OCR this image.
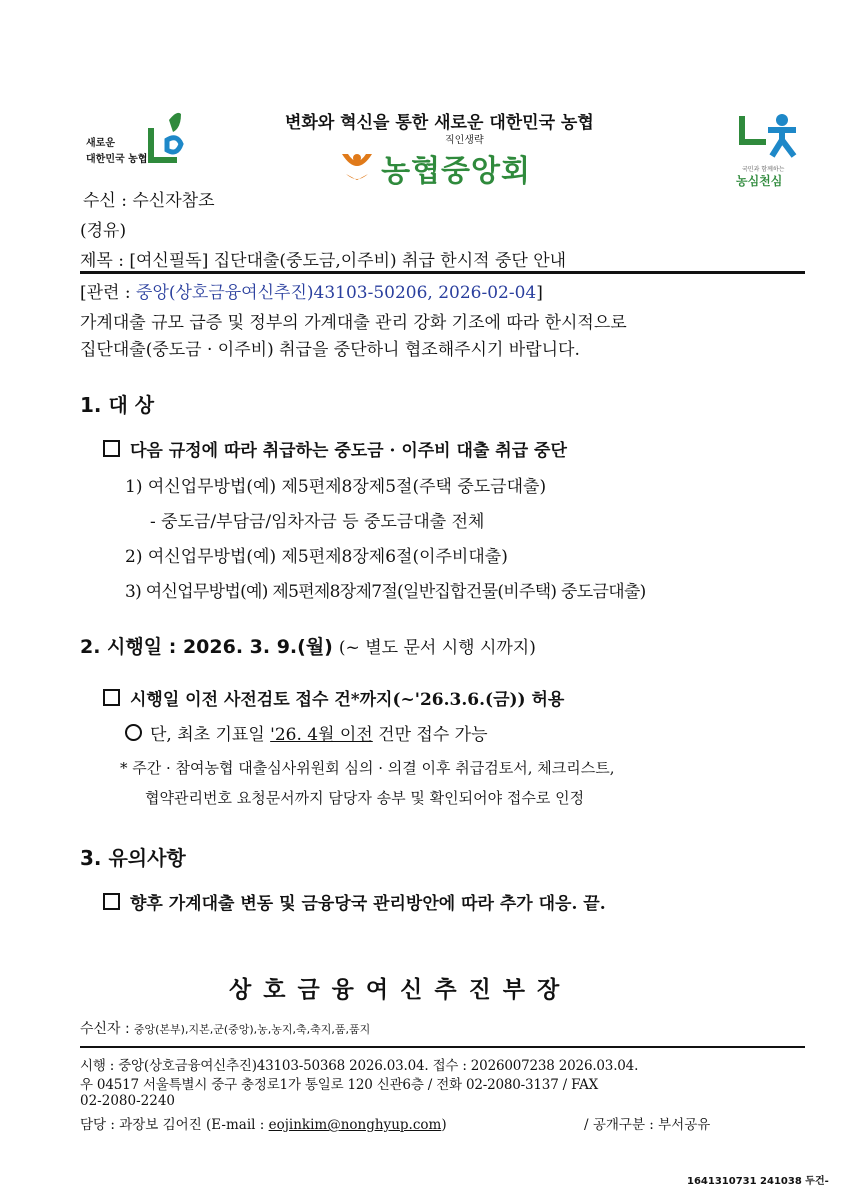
변화와 혁신을 통한 새로운 대한민국 농협
직인생략
농협중앙회
새로운
대한민국 농협
국민과 함께하는
농심천심
수신 : 수신자참조
(경유)
제목 : [여신필독] 집단대출(중도금,이주비) 취급 한시적 중단 안내
[관련 : 중앙(상호금융여신추진)43103-50206, 2026-02-04]
가계대출 규모 급증 및 정부의 가계대출 관리 강화 기조에 따라 한시적으로
집단대출(중도금 · 이주비) 취급을 중단하니 협조해주시기 바랍니다.
1. 대 상
다음 규정에 따라 취급하는 중도금 · 이주비 대출 취급 중단
1) 여신업무방법(예) 제5편제8장제5절(주택 중도금대출)
- 중도금/부담금/임차자금 등 중도금대출 전체
2) 여신업무방법(예) 제5편제8장제6절(이주비대출)
3) 여신업무방법(예) 제5편제8장제7절(일반집합건물(비주택) 중도금대출)
2. 시행일 : 2026. 3. 9.(월) (~ 별도 문서 시행 시까지)
시행일 이전 사전검토 접수 건*까지(~'26.3.6.(금)) 허용
단, 최초 기표일 '26. 4월 이전 건만 접수 가능
* 주간 · 참여농협 대출심사위원회 심의 · 의결 이후 취급검토서, 체크리스트,
협약관리번호 요청문서까지 담당자 송부 및 확인되어야 접수로 인정
3. 유의사항
향후 가계대출 변동 및 금융당국 관리방안에 따라 추가 대응. 끝.
상 호 금 융 여 신 추 진 부 장
수신자 : 중앙(본부),지본,군(중앙),농,농지,축,축지,품,품지
시행 : 중앙(상호금융여신추진)43103-50368 2026.03.04. 접수 : 2026007238 2026.03.04.
우 04517 서울특별시 중구 충정로1가 통일로 120 신관6층 / 전화 02-2080-3137 / FAX
02-2080-2240
담당 : 과장보 김어진 (E-mail : eojinkim@nonghyup.com)	/ 공개구분 : 부서공유
1641310731 241038 두건-
